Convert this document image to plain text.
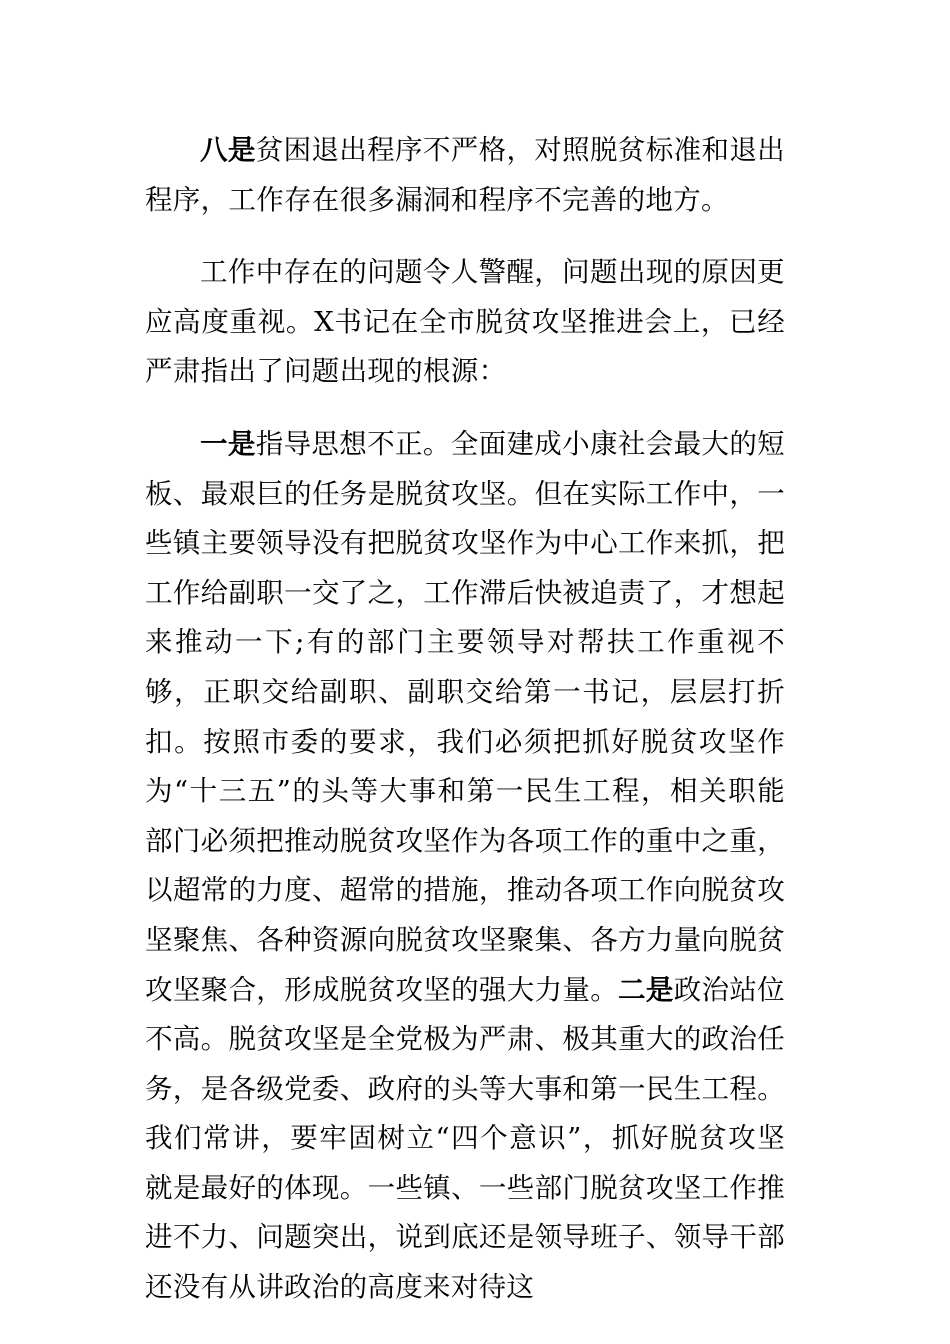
八是贫困退出程序不严格，对照脱贫标准和退出程序，工作存在很多漏洞和程序不完善的地方。

工作中存在的问题令人警醒，问题出现的原因更应高度重视。X书记在全市脱贫攻坚推进会上，已经严肃指出了问题出现的根源：

一是指导思想不正。全面建成小康社会最大的短板、最艰巨的任务是脱贫攻坚。但在实际工作中，一些镇主要领导没有把脱贫攻坚作为中心工作来抓，把工作给副职一交了之，工作滞后快被追责了，才想起来推动一下;有的部门主要领导对帮扶工作重视不够，正职交给副职、副职交给第一书记，层层打折扣。按照市委的要求，我们必须把抓好脱贫攻坚作为“十三五”的头等大事和第一民生工程，相关职能部门必须把推动脱贫攻坚作为各项工作的重中之重，以超常的力度、超常的措施，推动各项工作向脱贫攻坚聚焦、各种资源向脱贫攻坚聚集、各方力量向脱贫攻坚聚合，形成脱贫攻坚的强大力量。二是政治站位不高。脱贫攻坚是全党极为严肃、极其重大的政治任务，是各级党委、政府的头等大事和第一民生工程。我们常讲，要牢固树立“四个意识”，抓好脱贫攻坚就是最好的体现。一些镇、一些部门脱贫攻坚工作推进不力、问题突出，说到底还是领导班子、领导干部还没有从讲政治的高度来对待这
